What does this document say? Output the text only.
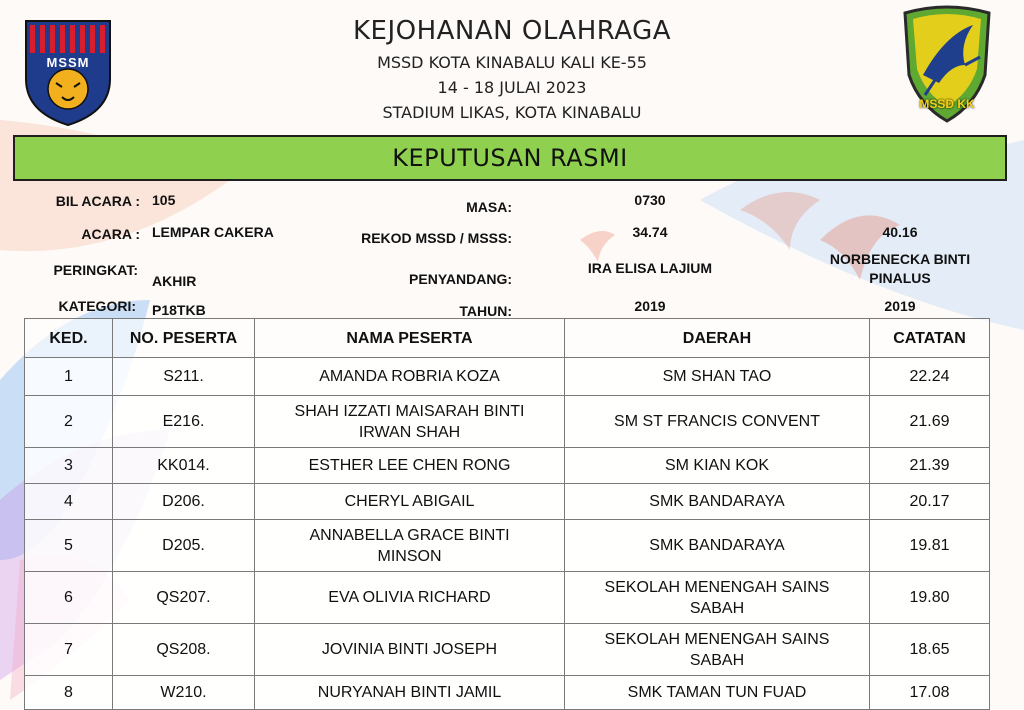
MSSM
MSSD KK
KEJOHANAN OLAHRAGA
MSSD KOTA KINABALU KALI KE-55
14 - 18 JULAI 2023
STADIUM LIKAS, KOTA KINABALU
KEPUTUSAN RASMI
BIL ACARA : 105
ACARA : LEMPAR CAKERA
PERINGKAT:
AKHIR
KATEGORI: P18TKB
MASA:	0730
REKOD MSSD / MSSS:	34.74	40.16
PENYANDANG:
IRA ELISA LAJIUM
NORBENECKA BINTI
PINALUS
TAHUN:	2019	2019
KED.	NO. PESERTA	NAMA PESERTA	DAERAH	CATATAN
1	S211.	AMANDA ROBRIA KOZA	SM SHAN TAO	22.24
2	E216.	SHAH IZZATI MAISARAH BINTI
IRWAN SHAH	SM ST FRANCIS CONVENT	21.69
3	KK014.	ESTHER LEE CHEN RONG	SM KIAN KOK	21.39
4	D206.	CHERYL ABIGAIL	SMK BANDARAYA	20.17
5	D205.	ANNABELLA GRACE BINTI
MINSON	SMK BANDARAYA	19.81
6	QS207.	EVA OLIVIA RICHARD	SEKOLAH MENENGAH SAINS
SABAH	19.80
7	QS208.	JOVINIA BINTI JOSEPH	SEKOLAH MENENGAH SAINS
SABAH	18.65
8	W210.	NURYANAH BINTI JAMIL	SMK TAMAN TUN FUAD	17.08
